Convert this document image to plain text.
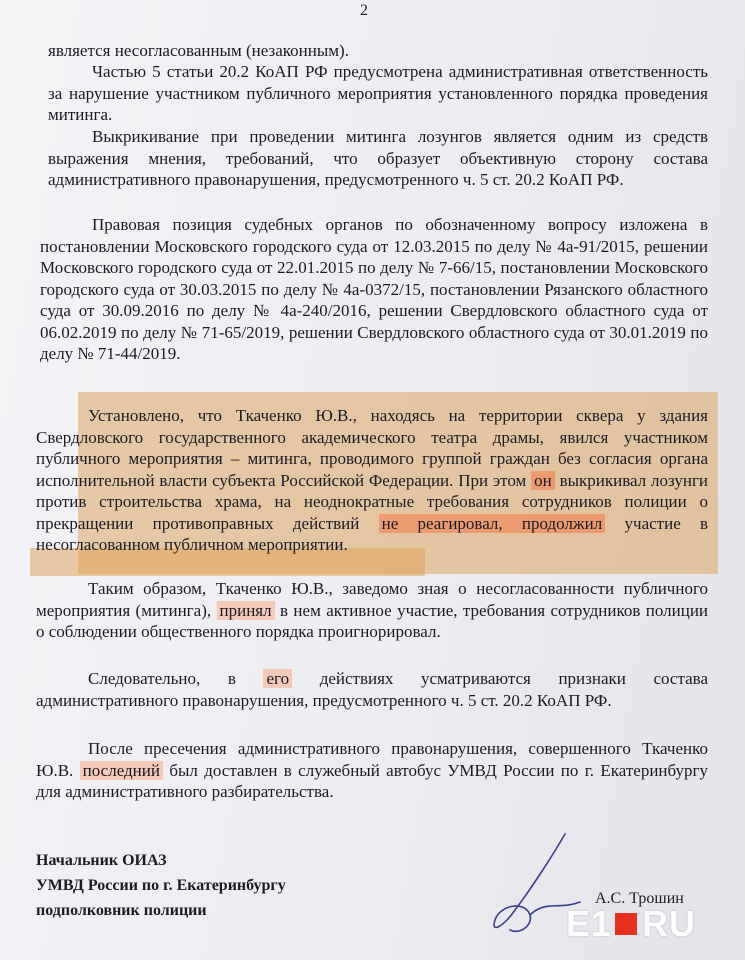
2

является несогласованным (незаконным).

Частью 5 статьи 20.2 КоАП РФ предусмотрена административная ответственность за нарушение участником публичного мероприятия установленного порядка проведения митинга.

Выкрикивание при проведении митинга лозунгов является одним из средств выражения мнения, требований, что образует объективную сторону состава административного правонарушения, предусмотренного ч. 5 ст. 20.2 КоАП РФ.

Правовая позиция судебных органов по обозначенному вопросу изложена в постановлении Московского городского суда от 12.03.2015 по делу № 4а-91/2015, решении Московского городского суда от 22.01.2015 по делу № 7-66/15, постановлении Московского городского суда от 30.03.2015 по делу № 4а-0372/15, постановлении Рязанского областного суда от 30.09.2016 по делу № 4а-240/2016, решении Свердловского областного суда от 06.02.2019 по делу № 71-65/2019, решении Свердловского областного суда от 30.01.2019 по делу № 71-44/2019.

Установлено, что Ткаченко Ю.В., находясь на территории сквера у здания Свердловского государственного академического театра драмы, явился участником публичного мероприятия – митинга, проводимого группой граждан без согласия органа исполнительной власти субъекта Российской Федерации. При этом он выкрикивал лозунги против строительства храма, на неоднократные требования сотрудников полиции о прекращении противоправных действий не реагировал, продолжил участие в несогласованном публичном мероприятии.

Таким образом, Ткаченко Ю.В., заведомо зная о несогласованности публичного мероприятия (митинга), принял в нем активное участие, требования сотрудников полиции о соблюдении общественного порядка проигнорировал.

Следовательно, в его действиях усматриваются признаки состава административного правонарушения, предусмотренного ч. 5 ст. 20.2 КоАП РФ.

После пресечения административного правонарушения, совершенного Ткаченко Ю.В. последний был доставлен в служебный автобус УМВД России по г. Екатеринбургу для административного разбирательства.

Начальник ОИАЗ
УМВД России по г. Екатеринбургу
подполковник полиции
А.С. Трошин
E1 RU
